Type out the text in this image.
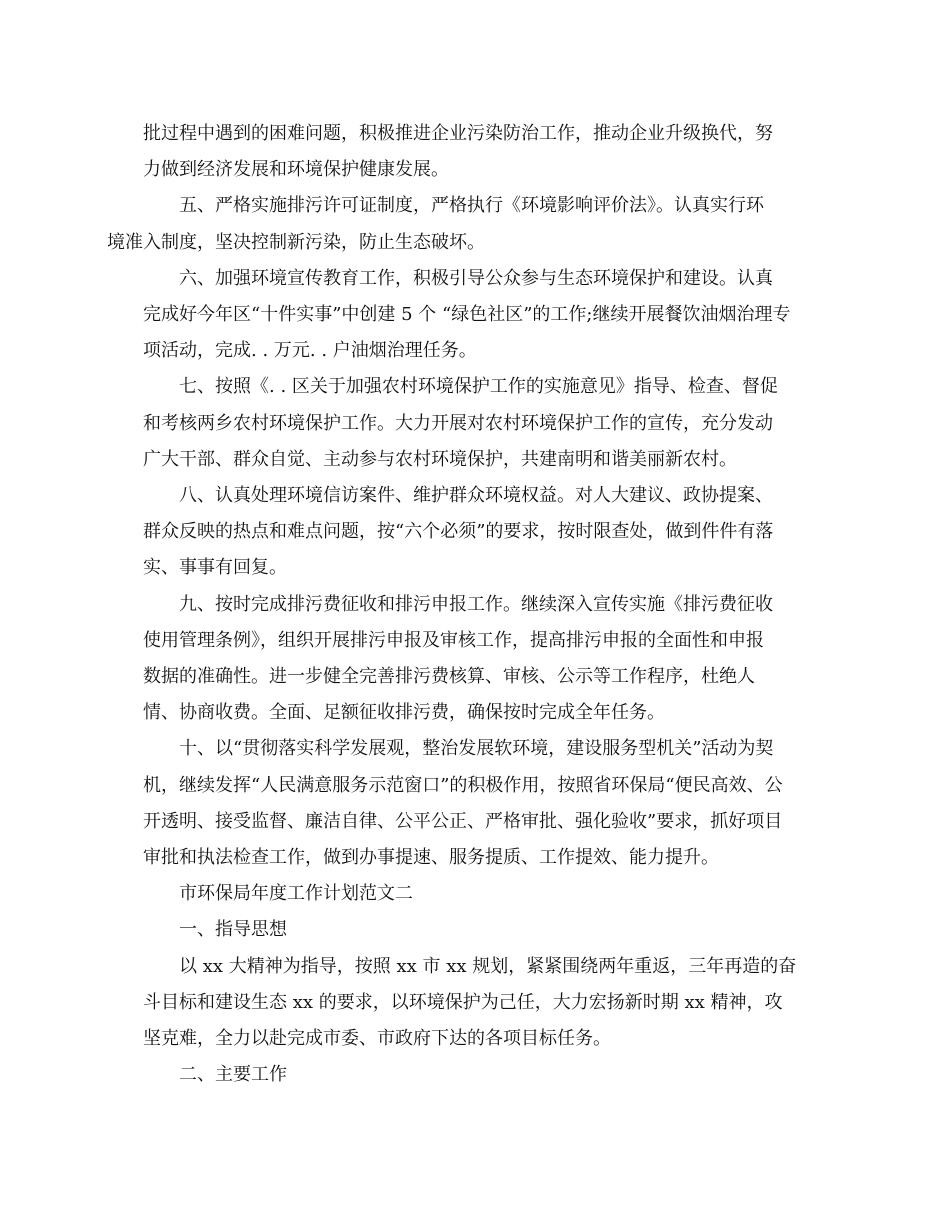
批过程中遇到的困难问题，积极推进企业污染防治工作，推动企业升级换代，努
力做到经济发展和环境保护健康发展。

五、严格实施排污许可证制度，严格执行《环境影响评价法》。认真实行环
境准入制度，坚决控制新污染，防止生态破坏。

六、加强环境宣传教育工作，积极引导公众参与生态环境保护和建设。认真
完成好今年区“十件实事”中创建 5 个 “绿色社区”的工作;继续开展餐饮油烟治理专
项活动，完成. . 万元. . 户油烟治理任务。

七、按照《. . 区关于加强农村环境保护工作的实施意见》指导、检查、督促
和考核两乡农村环境保护工作。大力开展对农村环境保护工作的宣传，充分发动
广大干部、群众自觉、主动参与农村环境保护，共建南明和谐美丽新农村。

八、认真处理环境信访案件、维护群众环境权益。对人大建议、政协提案、
群众反映的热点和难点问题，按“六个必须”的要求，按时限查处，做到件件有落
实、事事有回复。

九、按时完成排污费征收和排污申报工作。继续深入宣传实施《排污费征收
使用管理条例》，组织开展排污申报及审核工作，提高排污申报的全面性和申报
数据的准确性。进一步健全完善排污费核算、审核、公示等工作程序，杜绝人
情、协商收费。全面、足额征收排污费，确保按时完成全年任务。

十、以“贯彻落实科学发展观，整治发展软环境，建设服务型机关”活动为契
机，继续发挥“人民满意服务示范窗口”的积极作用，按照省环保局“便民高效、公
开透明、接受监督、廉洁自律、公平公正、严格审批、强化验收”要求，抓好项目
审批和执法检查工作，做到办事提速、服务提质、工作提效、能力提升。

市环保局年度工作计划范文二

一、指导思想

以 xx 大精神为指导，按照 xx 市 xx 规划，紧紧围绕两年重返，三年再造的奋
斗目标和建设生态 xx 的要求，以环境保护为己任，大力宏扬新时期 xx 精神，攻
坚克难，全力以赴完成市委、市政府下达的各项目标任务。

二、主要工作
